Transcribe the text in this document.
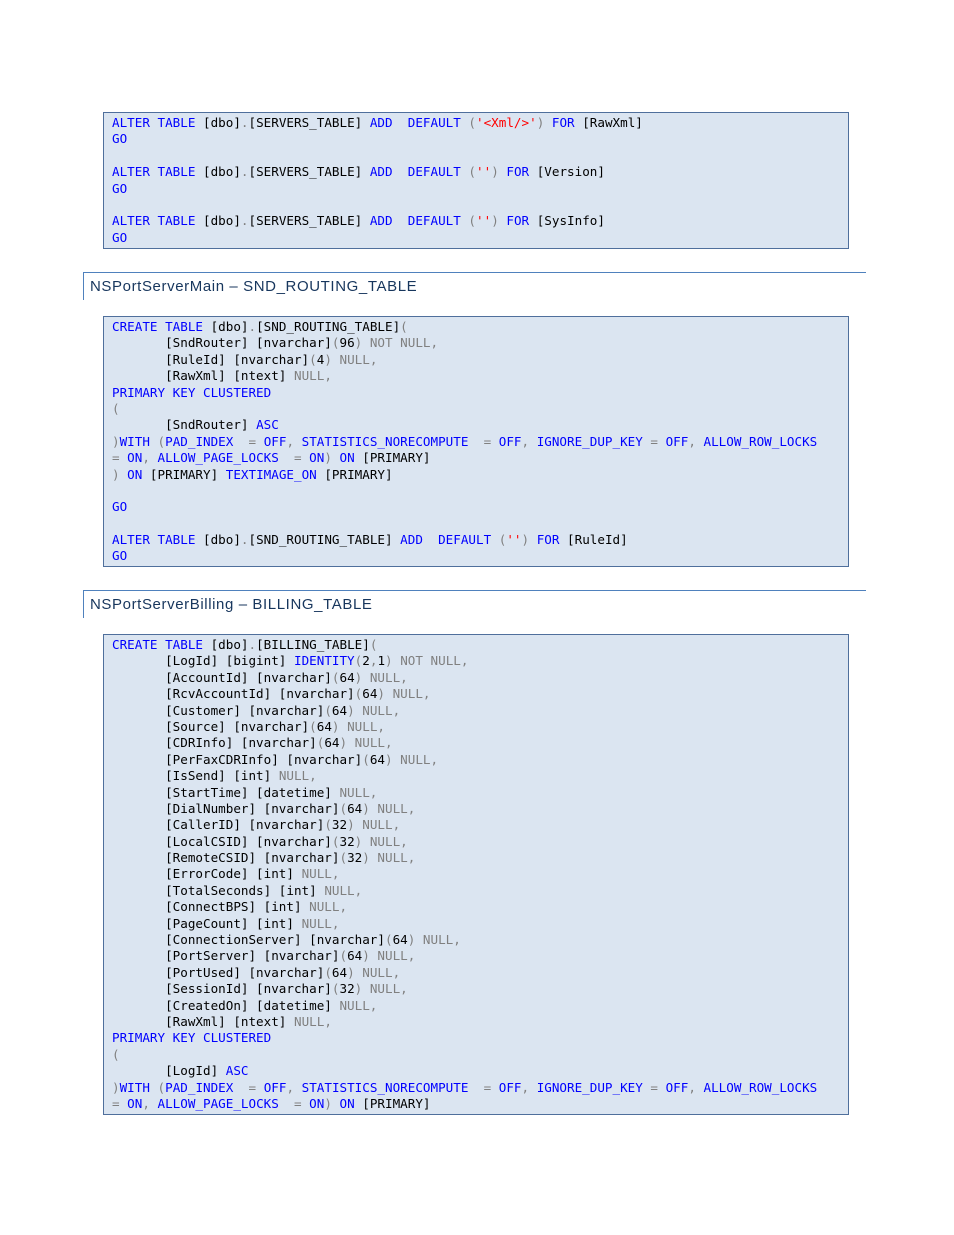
ALTER TABLE [dbo].[SERVERS_TABLE] ADD  DEFAULT ('<Xml/>') FOR [RawXml]
GO

ALTER TABLE [dbo].[SERVERS_TABLE] ADD  DEFAULT ('') FOR [Version]
GO

ALTER TABLE [dbo].[SERVERS_TABLE] ADD  DEFAULT ('') FOR [SysInfo]
GO
NSPortServerMain – SND_ROUTING_TABLE
CREATE TABLE [dbo].[SND_ROUTING_TABLE](
[SndRouter] [nvarchar](96) NOT NULL,
[RuleId] [nvarchar](4) NULL,
[RawXml] [ntext] NULL,
PRIMARY KEY CLUSTERED
(
[SndRouter] ASC
)WITH (PAD_INDEX  = OFF, STATISTICS_NORECOMPUTE  = OFF, IGNORE_DUP_KEY = OFF, ALLOW_ROW_LOCKS
= ON, ALLOW_PAGE_LOCKS  = ON) ON [PRIMARY]
) ON [PRIMARY] TEXTIMAGE_ON [PRIMARY]

GO

ALTER TABLE [dbo].[SND_ROUTING_TABLE] ADD  DEFAULT ('') FOR [RuleId]
GO
NSPortServerBilling – BILLING_TABLE
CREATE TABLE [dbo].[BILLING_TABLE](
[LogId] [bigint] IDENTITY(2,1) NOT NULL,
[AccountId] [nvarchar](64) NULL,
[RcvAccountId] [nvarchar](64) NULL,
[Customer] [nvarchar](64) NULL,
[Source] [nvarchar](64) NULL,
[CDRInfo] [nvarchar](64) NULL,
[PerFaxCDRInfo] [nvarchar](64) NULL,
[IsSend] [int] NULL,
[StartTime] [datetime] NULL,
[DialNumber] [nvarchar](64) NULL,
[CallerID] [nvarchar](32) NULL,
[LocalCSID] [nvarchar](32) NULL,
[RemoteCSID] [nvarchar](32) NULL,
[ErrorCode] [int] NULL,
[TotalSeconds] [int] NULL,
[ConnectBPS] [int] NULL,
[PageCount] [int] NULL,
[ConnectionServer] [nvarchar](64) NULL,
[PortServer] [nvarchar](64) NULL,
[PortUsed] [nvarchar](64) NULL,
[SessionId] [nvarchar](32) NULL,
[CreatedOn] [datetime] NULL,
[RawXml] [ntext] NULL,
PRIMARY KEY CLUSTERED
(
[LogId] ASC
)WITH (PAD_INDEX  = OFF, STATISTICS_NORECOMPUTE  = OFF, IGNORE_DUP_KEY = OFF, ALLOW_ROW_LOCKS
= ON, ALLOW_PAGE_LOCKS  = ON) ON [PRIMARY]
